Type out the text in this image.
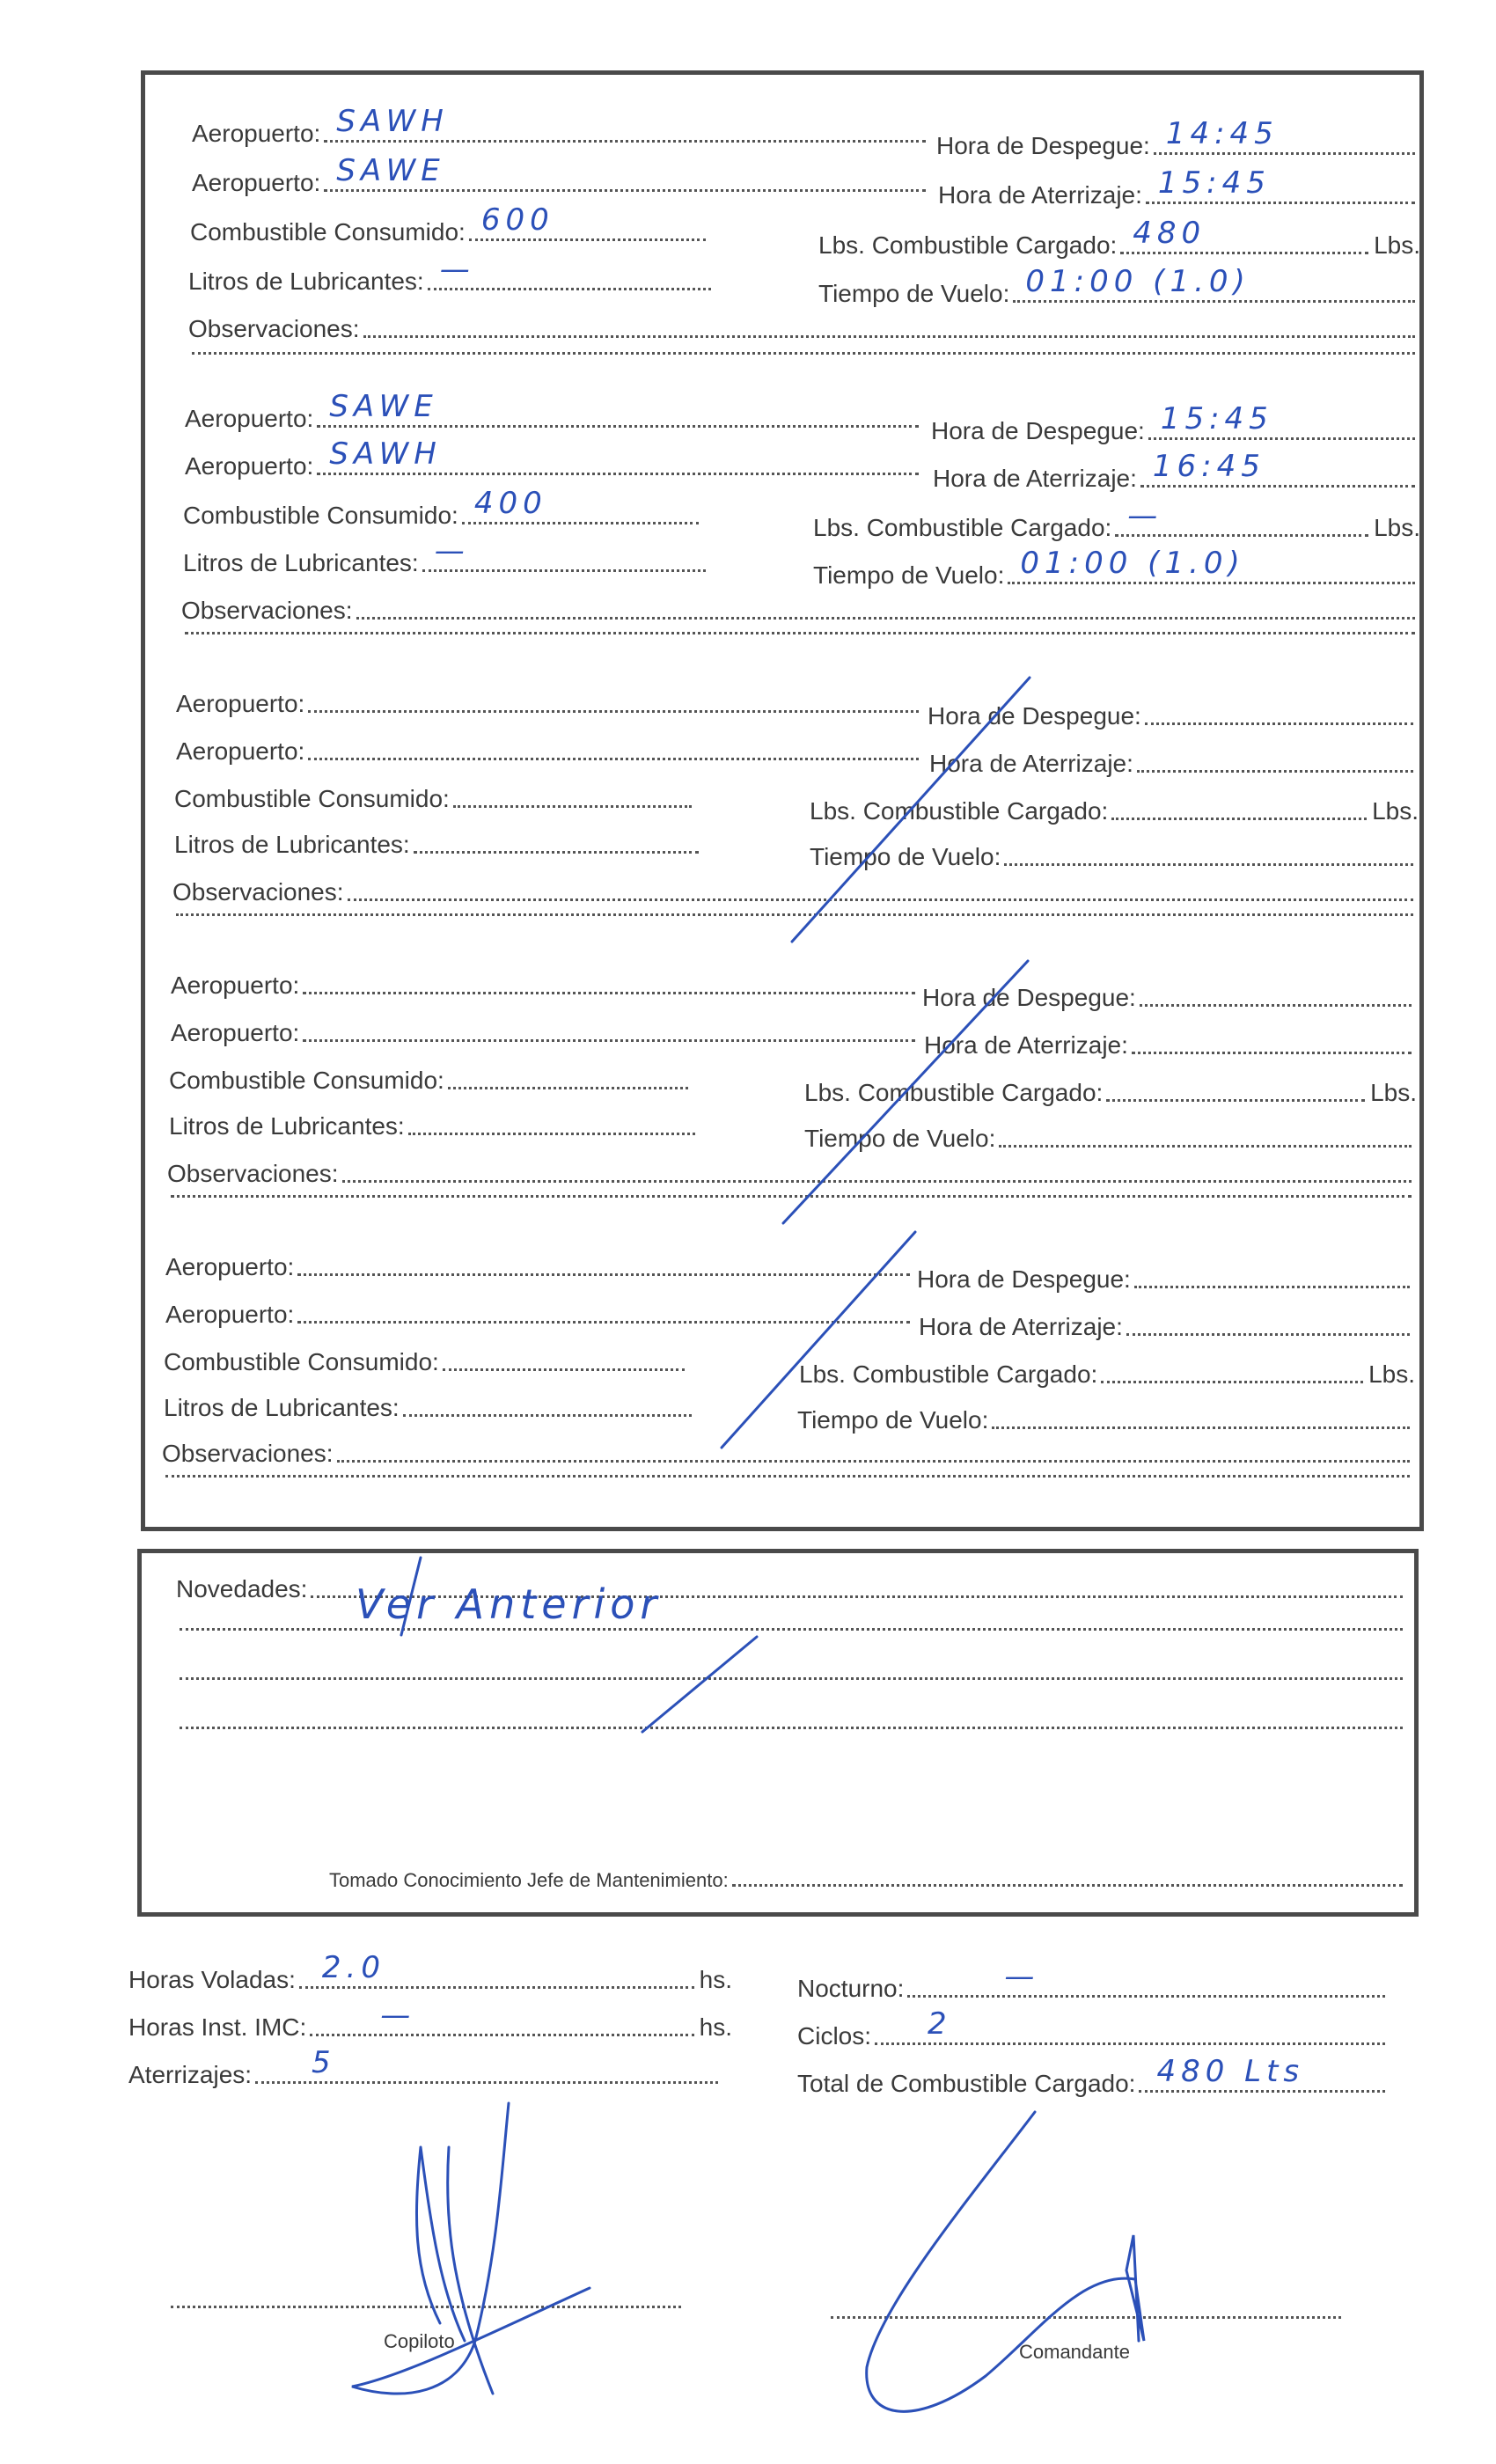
Aeropuerto: SAWH
Hora de Despegue: 14:45
Aeropuerto: SAWE
Hora de Aterrizaje: 15:45
Combustible Consumido: 600
Lbs. Combustible Cargado: 480	Lbs.
Litros de Lubricantes: —
Tiempo de Vuelo: 01:00 (1.0)
Observaciones:
Aeropuerto: SAWE
Hora de Despegue: 15:45
Aeropuerto: SAWH
Hora de Aterrizaje: 16:45
Combustible Consumido: 400
Lbs. Combustible Cargado: —	Lbs.
Litros de Lubricantes: —
Tiempo de Vuelo: 01:00 (1.0)
Observaciones:
Aeropuerto:	Hora de Despegue:
Aeropuerto:	Hora de Aterrizaje:
Combustible Consumido:	Lbs. Combustible Cargado:	Lbs.
Litros de Lubricantes:	Tiempo de Vuelo:
Observaciones:
Aeropuerto:	Hora de Despegue:
Aeropuerto:	Hora de Aterrizaje:
Combustible Consumido:	Lbs. Combustible Cargado:	Lbs.
Litros de Lubricantes:	Tiempo de Vuelo:
Observaciones:
Aeropuerto:	Hora de Despegue:
Aeropuerto:	Hora de Aterrizaje:
Combustible Consumido:	Lbs. Combustible Cargado:	Lbs.
Litros de Lubricantes:	Tiempo de Vuelo:
Observaciones:
Novedades: Ver Anterior
Tomado Conocimiento Jefe de Mantenimiento:
Horas Voladas: 2.0	hs.
Horas Inst. IMC: —	hs.
Aterrizajes: 5
Nocturno:	—
Ciclos: 2
Total de Combustible Cargado: 480 Lts
Copiloto	Comandante
